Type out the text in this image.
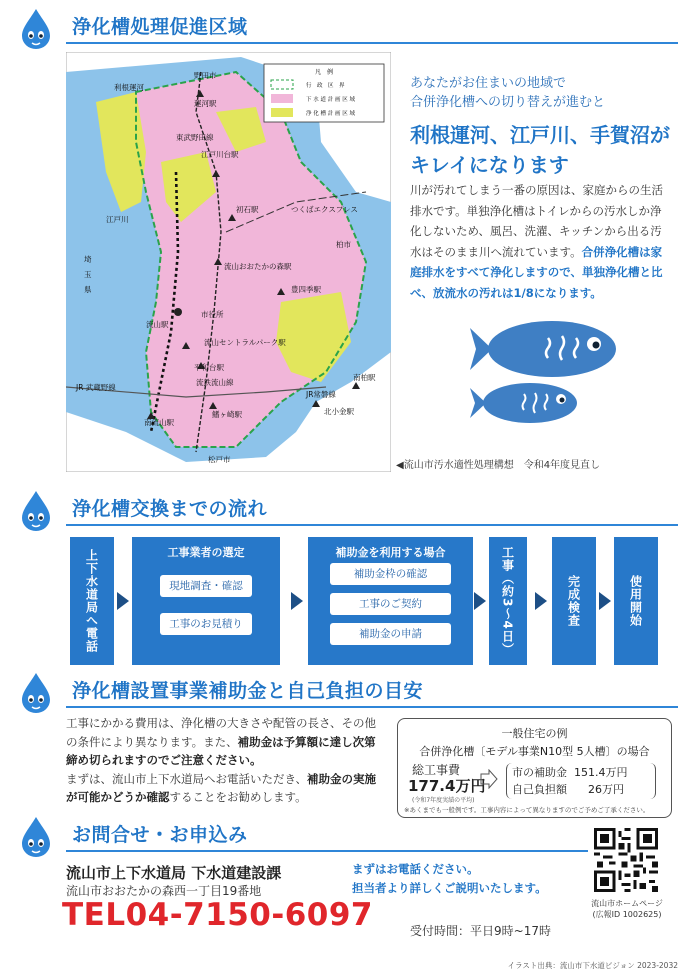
浄化槽処理促進区域
凡　例
行　政　区　界
下 水 道 計 画 区 域
浄 化 槽 計 画 区 域
野田市
利根運河
運河駅
東武野田線
江戸川台駅
江戸川
初石駅	つくばエクスプレス
柏市
埼
玉
県
流山おおたかの森駅
豊四季駅
市役所
流山駅
流山セントラルパーク駅
平和台駅
流鉄流山線
JR 武蔵野線
南流山駅
鰭ヶ崎駅
JR常磐線
南柏駅
北小金駅
松戸市
◀流山市汚水適性処理構想　令和4年度見直し
あなたがお住まいの地域で
合併浄化槽への切り替えが進むと
利根運河、江戸川、手賀沼が
キレイになります
川が汚れてしまう一番の原因は、家庭からの生活排水です。単独浄化槽はトイレからの汚水しか浄化しないため、風呂、洗濯、キッチンから出る汚水はそのまま川へ流れています。合併浄化槽は家庭排水をすべて浄化しますので、単独浄化槽と比べ、放流水の汚れは1/8になります。
浄化槽交換までの流れ
上下水道局へ電話	工事業者の選定
現地調査・確認
工事のお見積り
補助金を利用する場合
補助金枠の確認
工事のご契約
補助金の申請	工事（約3〜4日）	完成検査	使用開始
浄化槽設置事業補助金と自己負担の目安
工事にかかる費用は、浄化槽の大きさや配管の長さ、その他の条件により異なります。また、補助金は予算額に達し次第締め切られますのでご注意ください。
まずは、流山市上下水道局へお電話いただき、補助金の実施が可能かどうか確認することをお勧めします。
一般住宅の例
合併浄化槽〔モデル事業N10型 5人槽〕の場合
総工事費
177.4万円
(令和7年度実績の平均)
市の補助金 151.4万円
自己負担額 26万円
※あくまでも一般例です。工事内容によって異なりますのでご予めご了承ください。
お問合せ・お申込み
流山市上下水道局 下水道建設課
流山市おおたかの森西一丁目19番地
TEL04-7150-6097	受付時間：平日9時~17時
まずはお電話ください。
担当者より詳しくご説明いたします。
流山市ホームページ
(広報ID 1002625)
イラスト出典：流山市下水道ビジョン 2023-2032
